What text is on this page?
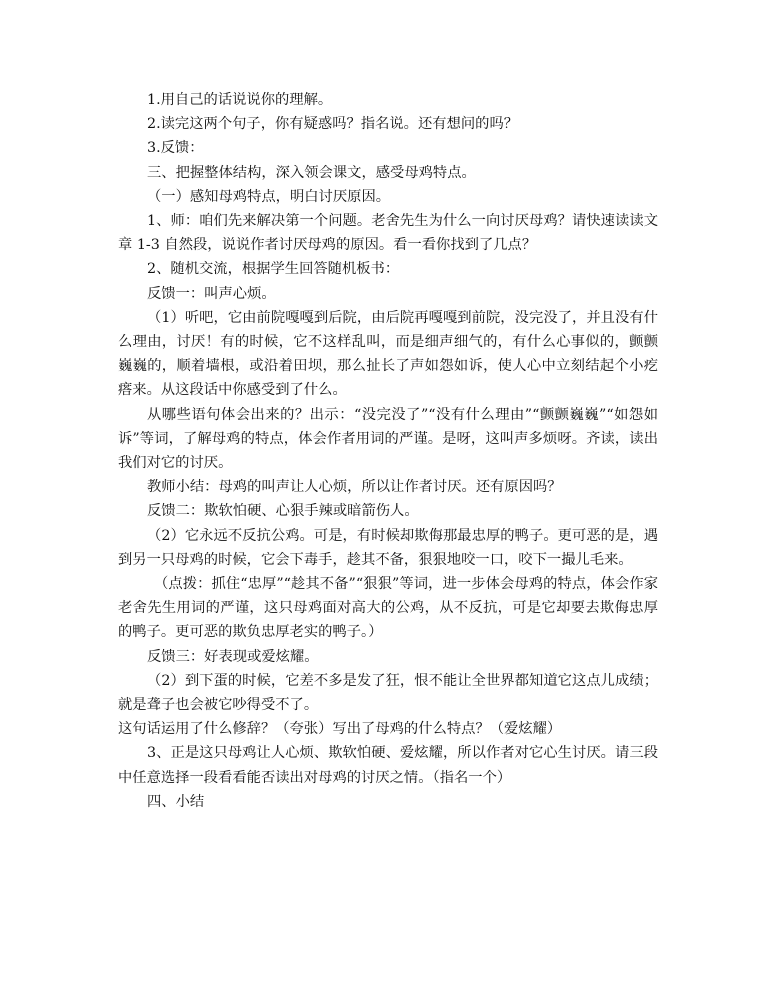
1.用自己的话说说你的理解。

2.读完这两个句子，你有疑惑吗？指名说。还有想问的吗？

3.反馈：

三、把握整体结构，深入领会课文，感受母鸡特点。

（一）感知母鸡特点，明白讨厌原因。

1、师：咱们先来解决第一个问题。老舍先生为什么一向讨厌母鸡？请快速读读文章 1-3 自然段，说说作者讨厌母鸡的原因。看一看你找到了几点？

2、随机交流，根据学生回答随机板书：

反馈一：叫声心烦。

（1）听吧，它由前院嘎嘎到后院，由后院再嘎嘎到前院，没完没了，并且没有什么理由，讨厌！有的时候，它不这样乱叫，而是细声细气的，有什么心事似的，颤颤巍巍的，顺着墙根，或沿着田坝，那么扯长了声如怨如诉，使人心中立刻结起个小疙瘩来。从这段话中你感受到了什么。

从哪些语句体会出来的？出示：“没完没了”“没有什么理由”“颤颤巍巍”“如怨如诉”等词，了解母鸡的特点，体会作者用词的严谨。是呀，这叫声多烦呀。齐读，读出我们对它的讨厌。

教师小结：母鸡的叫声让人心烦，所以让作者讨厌。还有原因吗？

反馈二：欺软怕硬、心狠手辣或暗箭伤人。

（2）它永远不反抗公鸡。可是，有时候却欺侮那最忠厚的鸭子。更可恶的是，遇到另一只母鸡的时候，它会下毒手，趁其不备，狠狠地咬一口，咬下一撮儿毛来。

（点拨：抓住“忠厚”“趁其不备”“狠狠”等词，进一步体会母鸡的特点，体会作家老舍先生用词的严谨，这只母鸡面对高大的公鸡，从不反抗，可是它却要去欺侮忠厚的鸭子。更可恶的欺负忠厚老实的鸭子。）

反馈三：好表现或爱炫耀。

（2）到下蛋的时候，它差不多是发了狂，恨不能让全世界都知道它这点儿成绩；就是聋子也会被它吵得受不了。

这句话运用了什么修辞？（夸张）写出了母鸡的什么特点？（爱炫耀）

3、正是这只母鸡让人心烦、欺软怕硬、爱炫耀，所以作者对它心生讨厌。请三段中任意选择一段看看能否读出对母鸡的讨厌之情。（指名一个）

四、小结
